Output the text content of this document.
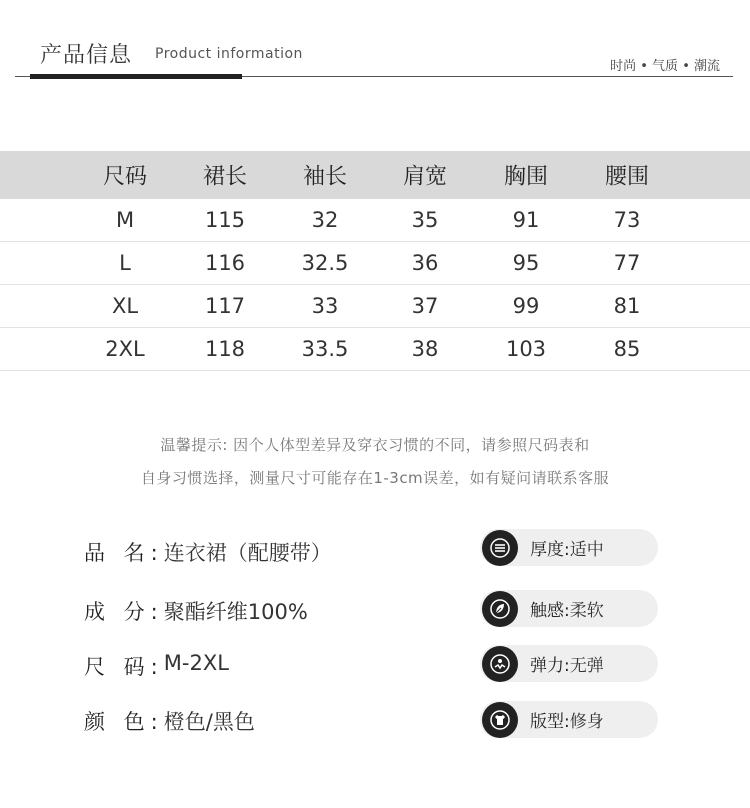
产品信息 Product information
时尚 • 气质 • 潮流
尺码	裙长	袖长	肩宽	胸围	腰围
M	115	32	35	91	73
L	116	32.5	36	95	77
XL	117	33	37	99	81
2XL	118	33.5	38	103	85
温馨提示: 因个人体型差异及穿衣习惯的不同，请参照尺码表和
自身习惯选择，测量尺寸可能存在1-3cm误差，如有疑问请联系客服
品 名: 连衣裙（配腰带）
成 分: 聚酯纤维100%
尺 码: M-2XL
颜 色: 橙色/黑色
厚度: 适中
触感: 柔软
弹力: 无弹
版型: 修身
